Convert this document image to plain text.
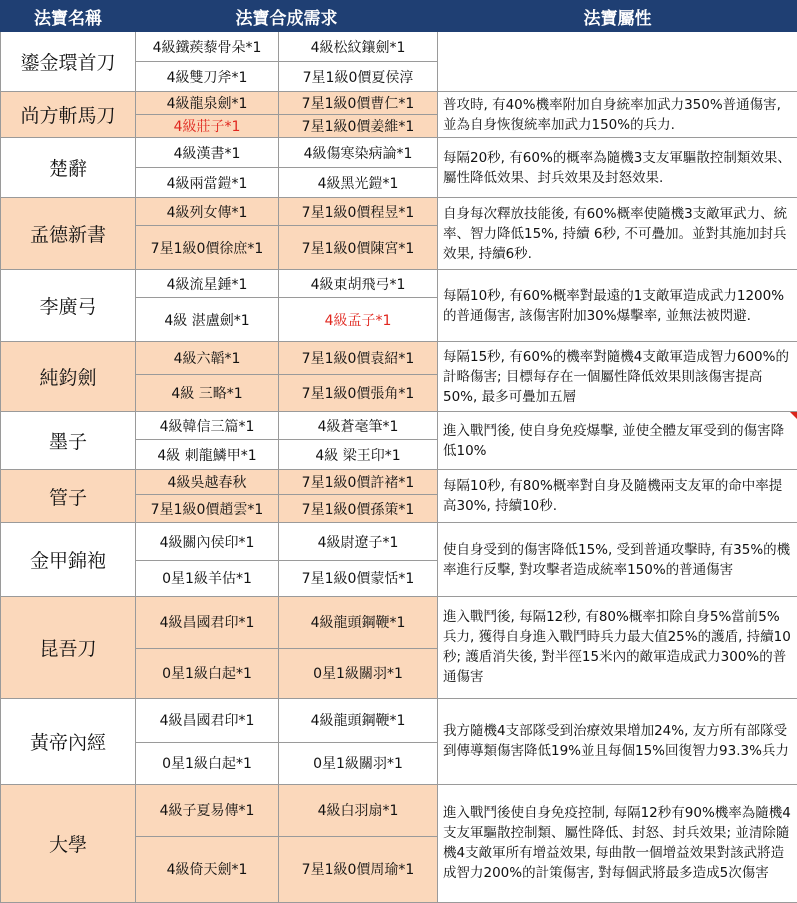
法寶名稱	法寶合成需求		法寶屬性
鎏金環首刀	4級鐵蒺藜骨朵*1	4級松紋鑲劍*1	
	4級雙刀斧*1	7星1級0價夏侯淳	
尚方斬馬刀	4級龍泉劍*1	7星1級0價曹仁*1	普攻時, 有40%機率附加自身統率加武力350%普通傷害, 並為自身恢復統率加武力150%的兵力.
	4級莊子*1	7星1級0價姜維*1	
楚辭	4級漢書*1	4級傷寒染病論*1	每隔20秒, 有60%的概率為隨機3支友軍驅散控制類效果、屬性降低效果、封兵效果及封怒效果.
	4級兩當鎧*1	4級黑光鎧*1	
孟德新書	4級列女傳*1	7星1級0價程昱*1	自身每次釋放技能後, 有60%概率使隨機3支敵軍武力、統率、智力降低15%, 持續 6秒, 不可疊加。並對其施加封兵效果, 持續6秒.
	7星1級0價徐庶*1	7星1級0價陳宮*1	
李廣弓	4級流星錘*1	4級東胡飛弓*1	每隔10秒, 有60%概率對最遠的1支敵軍造成武力1200%的普通傷害, 該傷害附加30%爆擊率, 並無法被閃避.
	4級 湛盧劍*1	4級孟子*1	
純鈞劍	4級六韜*1	7星1級0價袁紹*1	每隔15秒, 有60%的機率對隨機4支敵軍造成智力600%的計略傷害; 目標每存在一個屬性降低效果則該傷害提高50%, 最多可疊加五層
	4級 三略*1	7星1級0價張角*1	
墨子	4級韓信三篇*1	4級蒼毫筆*1	進入戰鬥後, 使自身免疫爆擊, 並使全體友軍受到的傷害降低10%

	4級 刺龍鱗甲*1	4級 梁王印*1	
管子	4級吳越春秋	7星1級0價許褚*1	每隔10秒, 有80%概率對自身及隨機兩支友軍的命中率提高30%, 持續10秒.
	7星1級0價趙雲*1	7星1級0價孫策*1	
金甲錦袍	4級關內侯印*1	4級尉遼子*1	使自身受到的傷害降低15%, 受到普通攻擊時, 有35%的機率進行反擊, 對攻擊者造成統率150%的普通傷害
	0星1級羊估*1	7星1級0價蒙恬*1	
昆吾刀	4級昌國君印*1	4級龍頭鋼鞭*1	進入戰鬥後, 每隔12秒, 有80%概率扣除自身5%當前5%兵力, 獲得自身進入戰鬥時兵力最大值25%的護盾, 持續10秒; 護盾消失後, 對半徑15米內的敵軍造成武力300%的普通傷害
	0星1級白起*1	0星1級關羽*1	
黃帝內經	4級昌國君印*1	4級龍頭鋼鞭*1	我方隨機4支部隊受到治療效果增加24%, 友方所有部隊受到傳導類傷害降低19%並且每個15%回復智力93.3%兵力
	0星1級白起*1	0星1級關羽*1	
大學	4級子夏易傳*1	4級白羽扇*1	進入戰鬥後使自身免疫控制, 每隔12秒有90%機率為隨機4支友軍驅散控制類、屬性降低、封怒、封兵效果; 並清除隨機4支敵軍所有增益效果, 每曲散一個增益效果對該武將造成智力200%的計策傷害, 對每個武將最多造成5次傷害
	4級倚天劍*1	7星1級0價周瑜*1	
